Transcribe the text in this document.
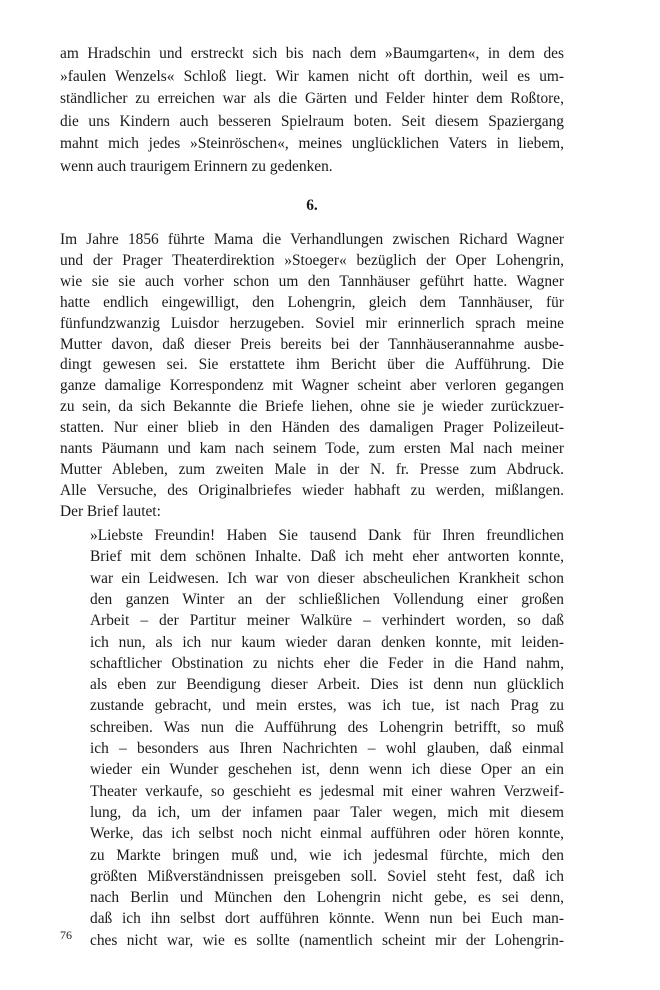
am Hradschin und erstreckt sich bis nach dem »Baumgarten«, in dem des
»faulen Wenzels« Schloß liegt. Wir kamen nicht oft dorthin, weil es um-
ständlicher zu erreichen war als die Gärten und Felder hinter dem Roßtore,
die uns Kindern auch besseren Spielraum boten. Seit diesem Spaziergang
mahnt mich jedes »Steinröschen«, meines unglücklichen Vaters in liebem,
wenn auch traurigem Erinnern zu gedenken.
6.
Im Jahre 1856 führte Mama die Verhandlungen zwischen Richard Wagner
und der Prager Theaterdirektion »Stoeger« bezüglich der Oper Lohengrin,
wie sie sie auch vorher schon um den Tannhäuser geführt hatte. Wagner
hatte endlich eingewilligt, den Lohengrin, gleich dem Tannhäuser, für
fünfundzwanzig Luisdor herzugeben. Soviel mir erinnerlich sprach meine
Mutter davon, daß dieser Preis bereits bei der Tannhäuserannahme ausbe-
dingt gewesen sei. Sie erstattete ihm Bericht über die Aufführung. Die
ganze damalige Korrespondenz mit Wagner scheint aber verloren gegangen
zu sein, da sich Bekannte die Briefe liehen, ohne sie je wieder zurückzuer-
statten. Nur einer blieb in den Händen des damaligen Prager Polizeileut-
nants Päumann und kam nach seinem Tode, zum ersten Mal nach meiner
Mutter Ableben, zum zweiten Male in der N. fr. Presse zum Abdruck.
Alle Versuche, des Originalbriefes wieder habhaft zu werden, mißlangen.
Der Brief lautet:
»Liebste Freundin! Haben Sie tausend Dank für Ihren freundlichen
Brief mit dem schönen Inhalte. Daß ich meht eher antworten konnte,
war ein Leidwesen. Ich war von dieser abscheulichen Krankheit schon
den ganzen Winter an der schließlichen Vollendung einer großen
Arbeit – der Partitur meiner Walküre – verhindert worden, so daß
ich nun, als ich nur kaum wieder daran denken konnte, mit leiden-
schaftlicher Obstination zu nichts eher die Feder in die Hand nahm,
als eben zur Beendigung dieser Arbeit. Dies ist denn nun glücklich
zustande gebracht, und mein erstes, was ich tue, ist nach Prag zu
schreiben. Was nun die Aufführung des Lohengrin betrifft, so muß
ich – besonders aus Ihren Nachrichten – wohl glauben, daß einmal
wieder ein Wunder geschehen ist, denn wenn ich diese Oper an ein
Theater verkaufe, so geschieht es jedesmal mit einer wahren Verzweif-
lung, da ich, um der infamen paar Taler wegen, mich mit diesem
Werke, das ich selbst noch nicht einmal aufführen oder hören konnte,
zu Markte bringen muß und, wie ich jedesmal fürchte, mich den
größten Mißverständnissen preisgeben soll. Soviel steht fest, daß ich
nach Berlin und München den Lohengrin nicht gebe, es sei denn,
daß ich ihn selbst dort aufführen könnte. Wenn nun bei Euch man-
ches nicht war, wie es sollte (namentlich scheint mir der Lohengrin-
76
